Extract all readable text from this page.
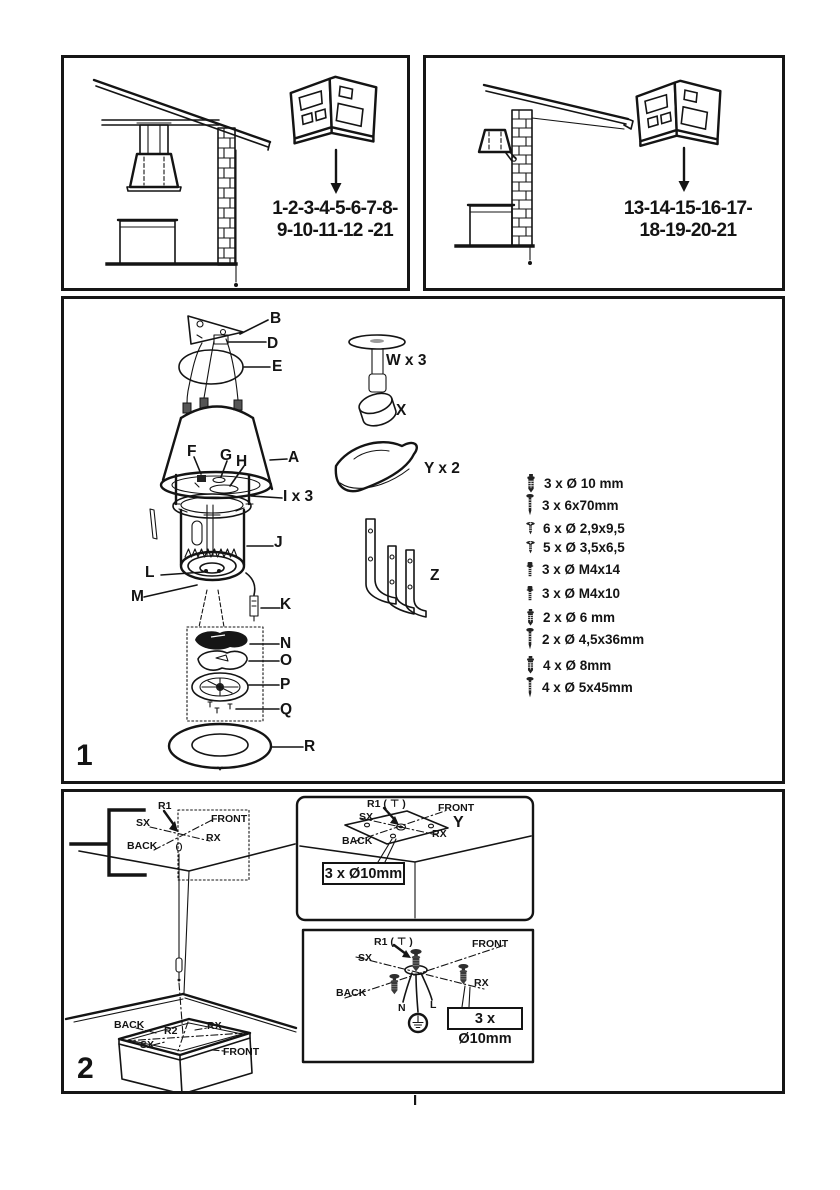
1-2-3-4-5-6-7-8-
9-10-11-12 -21
13-14-15-16-17-
18-19-20-21
B
D
E
A
F G H
I x 3
J
L
M	K
N
O
P
Q
R
W x 3
X
Y x 2
Z
3 x Ø 10 mm
3 x 6x70mm
6 x Ø 2,9x9,5
5 x Ø 3,5x6,5
3 x Ø M4x14
3 x Ø M4x10
2 x Ø 6 mm
2 x Ø 4,5x36mm
4 x Ø 8mm
4 x Ø 5x45mm
1
R1
SX	FRONT
RX
BACK
BACK R2	RX
SX
FRONT
R1 ( ⊤ )
SX
FRONT
RX
BACK
Y
3 x Ø10mm
R1 ( ⊤ )	FRONT
SX
RX
BACK
N L
3 x Ø10mm
2
I
